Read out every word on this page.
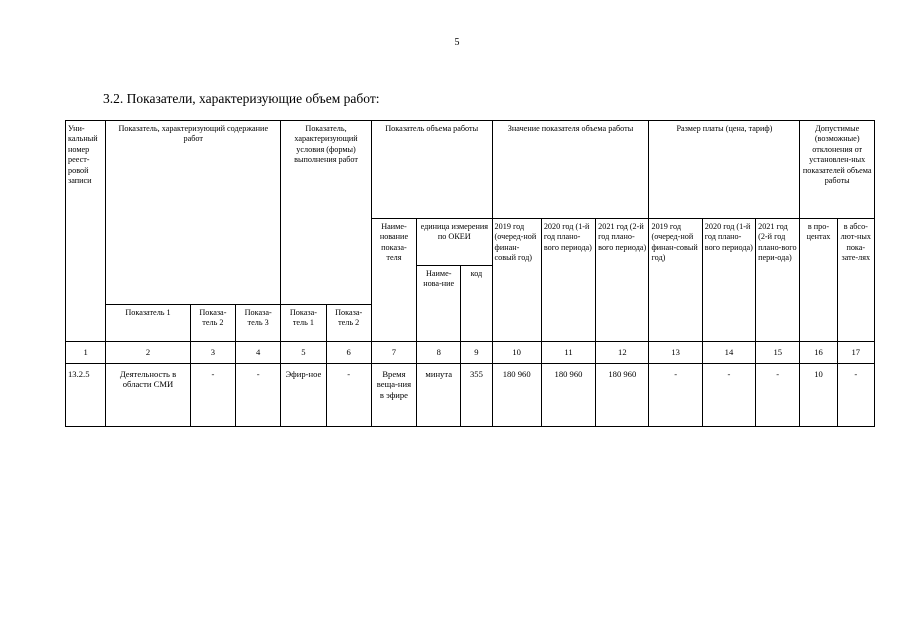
5
3.2. Показатели, характеризующие объем работ:
Уни-кальный номер реест-ровой записи	Показатель, характеризующий содержание работ			Показатель, характеризующий условия (формы) выполнения работ		Показатель объема работы			Значение показателя объема работы			Размер платы (цена, тариф)			Допустимые (возможные) отклонения от установлен-ных показателей объема работы	
						Наиме-нование показа-теля	единица измерения по ОКЕИ		2019 год (очеред-ной финан-совый год)	2020 год (1-й год плано-вого периода)	2021 год (2-й год плано-вого периода)	2019 год (очеред-ной финан-совый год)	2020 год (1-й год плано-вого периода)	2021 год (2-й год плано-вого пери-ода)	в про-центах	в абсо-лют-ных пока-зате-лях
							Наиме-нова-ние	код								
	Показатель 1	Показа-тель 2	Показа-тель 3	Показа-тель 1	Показа-тель 2											
1	2	3	4	5	6	7	8	9	10	11	12	13	14	15	16	17
13.2.5	Деятельность в области СМИ	-	-	Эфир-ное	-	Время веща-ния в эфире	минута	355	180 960	180 960	180 960	-	-	-	10	-
